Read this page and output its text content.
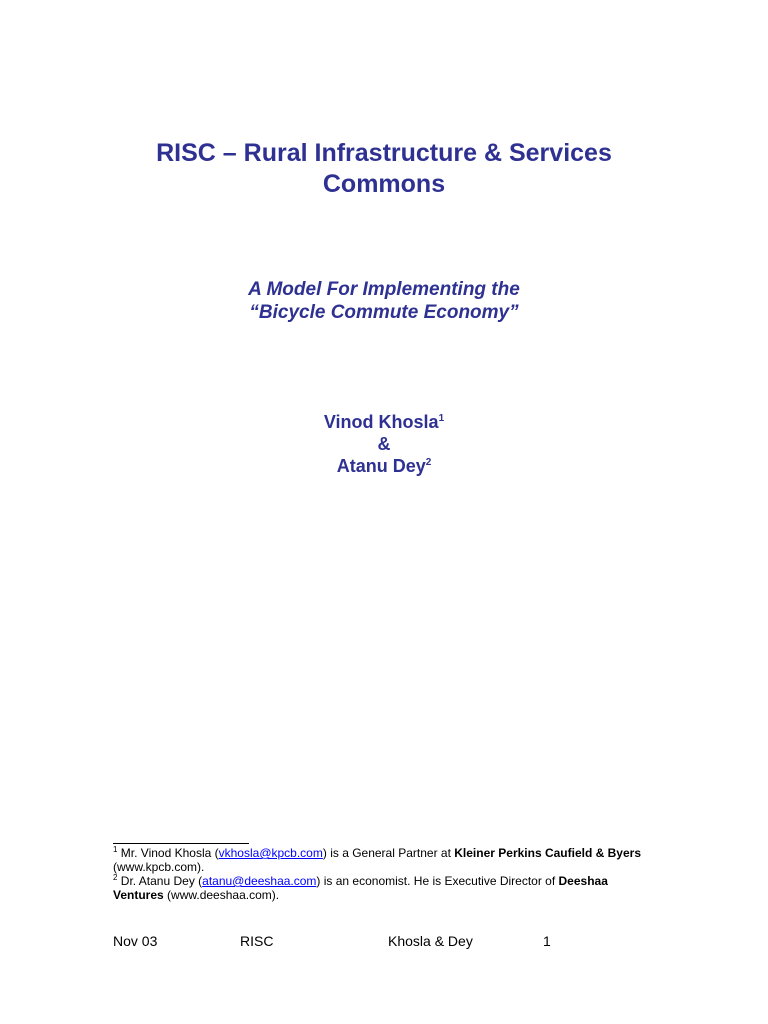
RISC – Rural Infrastructure & Services
Commons
A Model For Implementing the
“Bicycle Commute Economy”
Vinod Khosla$^1$
&
Atanu Dey$^2$

$^1$ Mr. Vinod Khosla (vkhosla@kpcb.com) is a General Partner at Kleiner Perkins Caufield & Byers (www.kpcb.com).

$^2$ Dr. Atanu Dey (atanu@deeshaa.com) is an economist. He is Executive Director of Deeshaa Ventures (www.deeshaa.com).

Nov 03	RISC	Khosla & Dey	1
